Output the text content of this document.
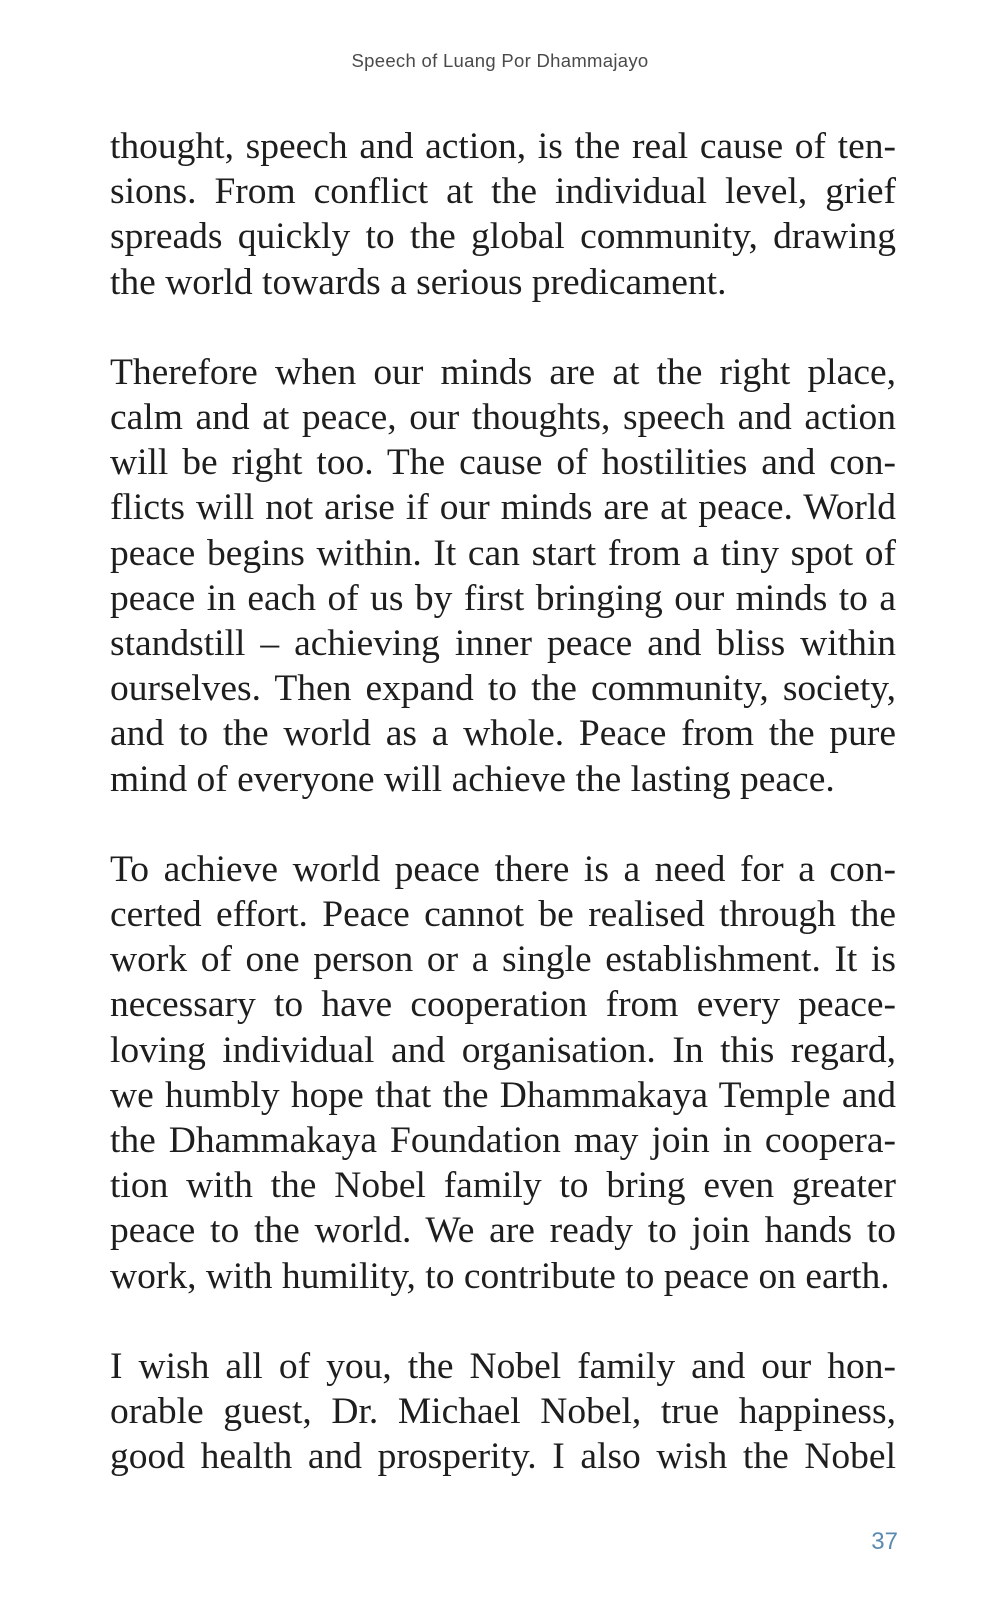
Speech of Luang Por Dhammajayo

thought, speech and action, is the real cause of ten-sions. From conflict at the individual level, grief spreads quickly to the global community, drawing the world towards a serious predicament.

Therefore when our minds are at the right place, calm and at peace, our thoughts, speech and action will be right too. The cause of hostilities and con-flicts will not arise if our minds are at peace. World peace begins within. It can start from a tiny spot of peace in each of us by first bringing our minds to a standstill – achieving inner peace and bliss within ourselves. Then expand to the community, society, and to the world as a whole. Peace from the pure mind of everyone will achieve the lasting peace.

To achieve world peace there is a need for a con-certed effort. Peace cannot be realised through the work of one person or a single establishment. It is necessary to have cooperation from every peace-loving individual and organisation. In this regard, we humbly hope that the Dhammakaya Temple and the Dhammakaya Foundation may join in coopera-tion with the Nobel family to bring even greater peace to the world. We are ready to join hands to work, with humility, to contribute to peace on earth.

I wish all of you, the Nobel family and our hon-orable guest, Dr. Michael Nobel, true happiness, good health and prosperity. I also wish the Nobel

37
